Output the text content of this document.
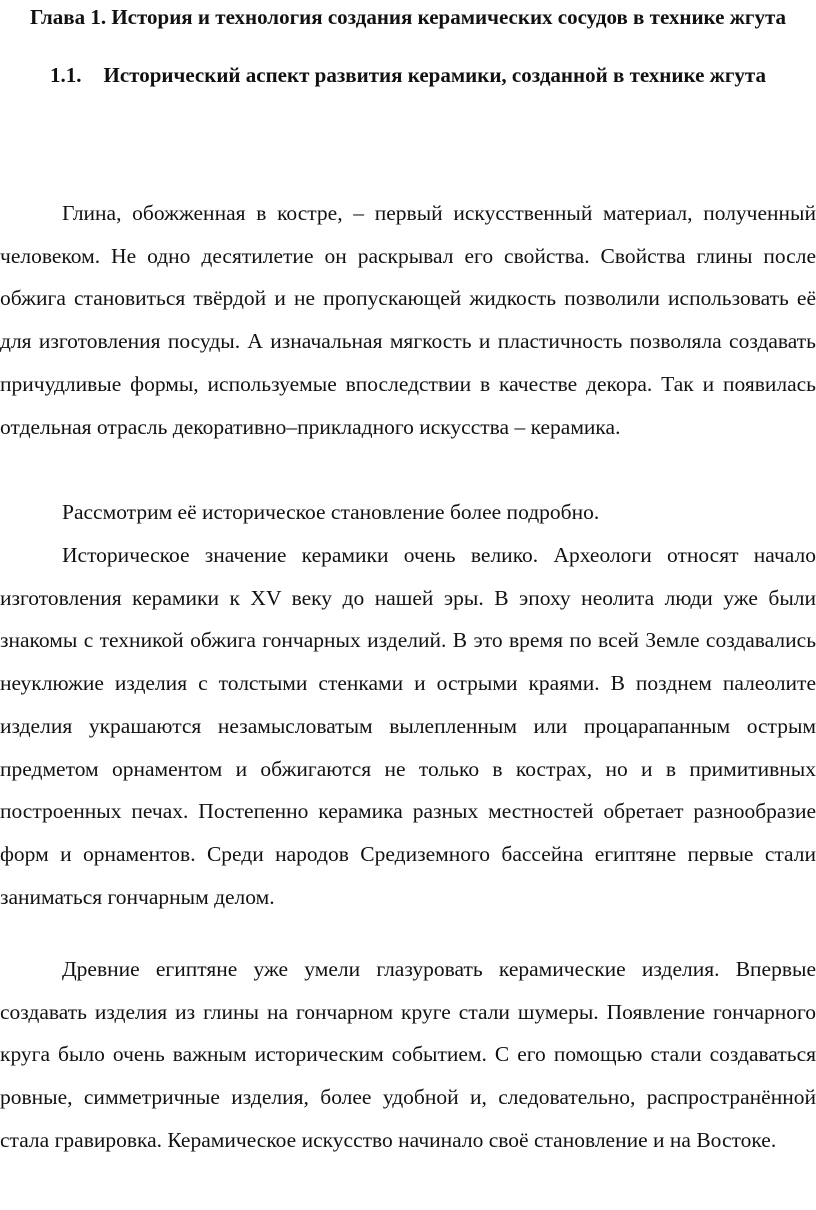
Глава 1. История и технология создания керамических сосудов в технике жгута
1.1. Исторический аспект развития керамики, созданной в технике жгута

Глина, обожженная в костре, – первый искусственный материал, полученный человеком. Не одно десятилетие он раскрывал его свойства. Свойства глины после обжига становиться твёрдой и не пропускающей жидкость позволили использовать её для изготовления посуды. А изначальная мягкость и пластичность позволяла создавать причудливые формы, используемые впоследствии в качестве декора. Так и появилась отдельная отрасль декоративно–прикладного искусства – керамика.

Рассмотрим её историческое становление более подробно.

Историческое значение керамики очень велико. Археологи относят начало изготовления керамики к XV веку до нашей эры. В эпоху неолита люди уже были знакомы с техникой обжига гончарных изделий. В это время по всей Земле создавались неуклюжие изделия с толстыми стенками и острыми краями. В позднем палеолите изделия украшаются незамысловатым вылепленным или процарапанным острым предметом орнаментом и обжигаются не только в кострах, но и в примитивных построенных печах. Постепенно керамика разных местностей обретает разнообразие форм и орнаментов. Среди народов Средиземного бассейна египтяне первые стали заниматься гончарным делом.

Древние египтяне уже умели глазуровать керамические изделия. Впервые создавать изделия из глины на гончарном круге стали шумеры. Появление гончарного круга было очень важным историческим событием. С его помощью стали создаваться ровные, симметричные изделия, более удобной и, следовательно, распространённой стала гравировка. Керамическое искусство начинало своё становление и на Востоке.
